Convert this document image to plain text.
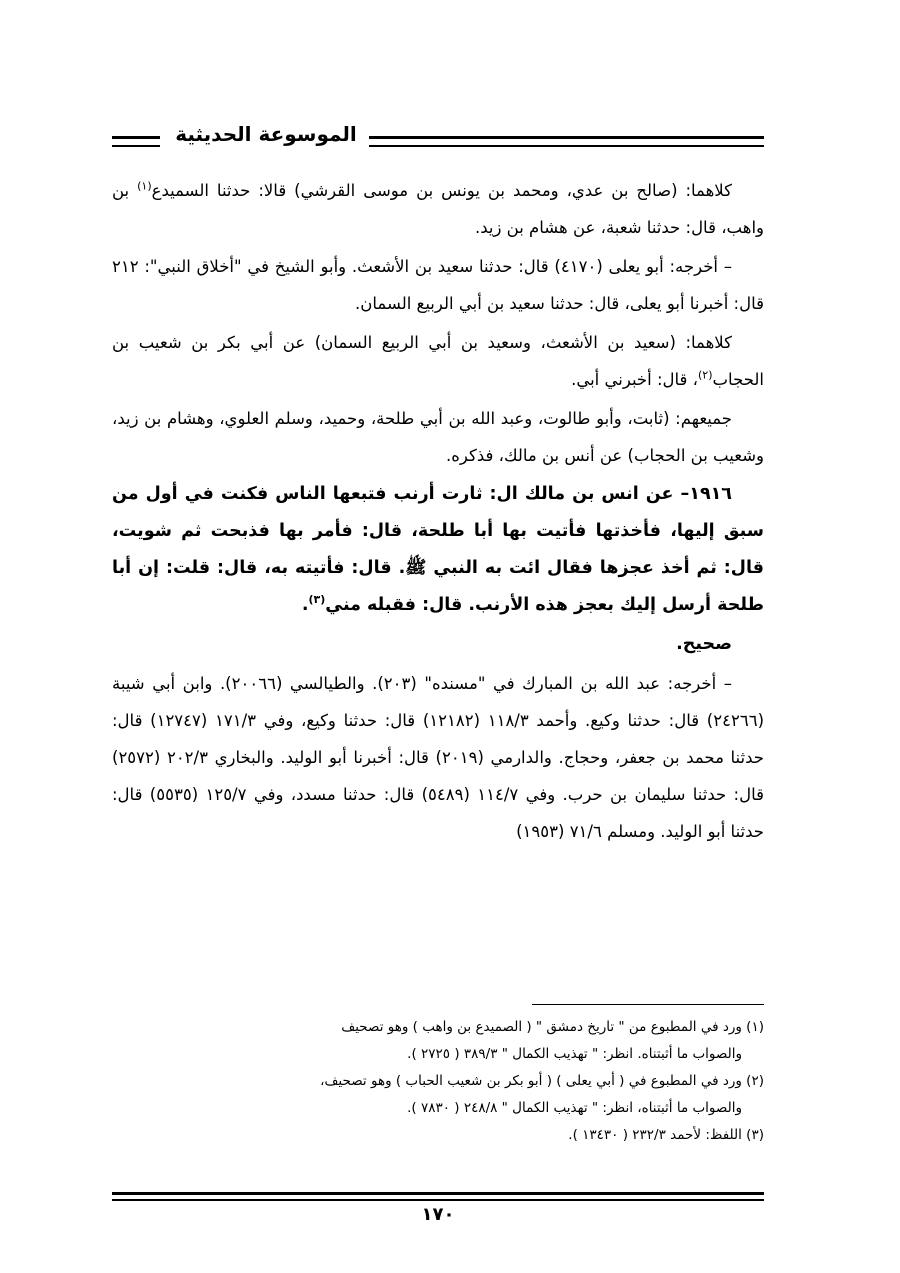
الموسوعة الحديثية

كلاهما: (صالح بن عدي، ومحمد بن يونس بن موسى القرشي) قالا: حدثنا السميدع$^{(١)}$ بن واهب، قال: حدثنا شعبة، عن هشام بن زيد.

– أخرجه: أبو يعلى (٤١٧٠) قال: حدثنا سعيد بن الأشعث. وأبو الشيخ في "أخلاق النبي": ٢١٢ قال: أخبرنا أبو يعلى، قال: حدثنا سعيد بن أبي الربيع السمان.

كلاهما: (سعيد بن الأشعث، وسعيد بن أبي الربيع السمان) عن أبي بكر بن شعيب بن الحجاب$^{(٢)}$، قال: أخبرني أبي.

جميعهم: (ثابت، وأبو طالوت، وعبد الله بن أبي طلحة، وحميد، وسلم العلوي، وهشام بن زيد، وشعيب بن الحجاب) عن أنس بن مالك، فذكره.

١٩١٦– عن انس بن مالك ال: ثارت أرنب فتبعها الناس فكنت في أول من سبق إليها، فأخذتها فأتيت بها أبا طلحة، قال: فأمر بها فذبحت ثم شويت، قال: ثم أخذ عجزها فقال ائت به النبي ﷺ. قال: فأتيته به، قال: قلت: إن أبا طلحة أرسل إليك بعجز هذه الأرنب. قال: فقبله مني$^{(٣)}$.

صحيح.

– أخرجه: عبد الله بن المبارك في "مسنده" (٢٠٣). والطيالسي (٢٠٠٦٦). وابن أبي شيبة (٢٤٢٦٦) قال: حدثنا وكيع. وأحمد ١١٨/٣ (١٢١٨٢) قال: حدثنا وكيع، وفي ١٧١/٣ (١٢٧٤٧) قال: حدثنا محمد بن جعفر، وحجاج. والدارمي (٢٠١٩) قال: أخبرنا أبو الوليد. والبخاري ٢٠٢/٣ (٢٥٧٢) قال: حدثنا سليمان بن حرب. وفي ١١٤/٧ (٥٤٨٩) قال: حدثنا مسدد، وفي ١٢٥/٧ (٥٥٣٥) قال: حدثنا أبو الوليد. ومسلم ٧١/٦ (١٩٥٣)

(١) ورد في المطبوع من " تاريخ دمشق " ( الصميدع بن واهب ) وهو تصحيف

والصواب ما أثبتناه. انظر: " تهذيب الكمال " ٣٨٩/٣ ( ٢٧٢٥ ).

(٢) ورد في المطبوع في ( أبي يعلى ) ( أبو بكر بن شعيب الحباب ) وهو تصحيف،

والصواب ما أثبتناه، انظر: " تهذيب الكمال " ٢٤٨/٨ ( ٧٨٣٠ ).

(٣) اللفظ: لأحمد ٢٣٢/٣ ( ١٣٤٣٠ ).

١٧٠
